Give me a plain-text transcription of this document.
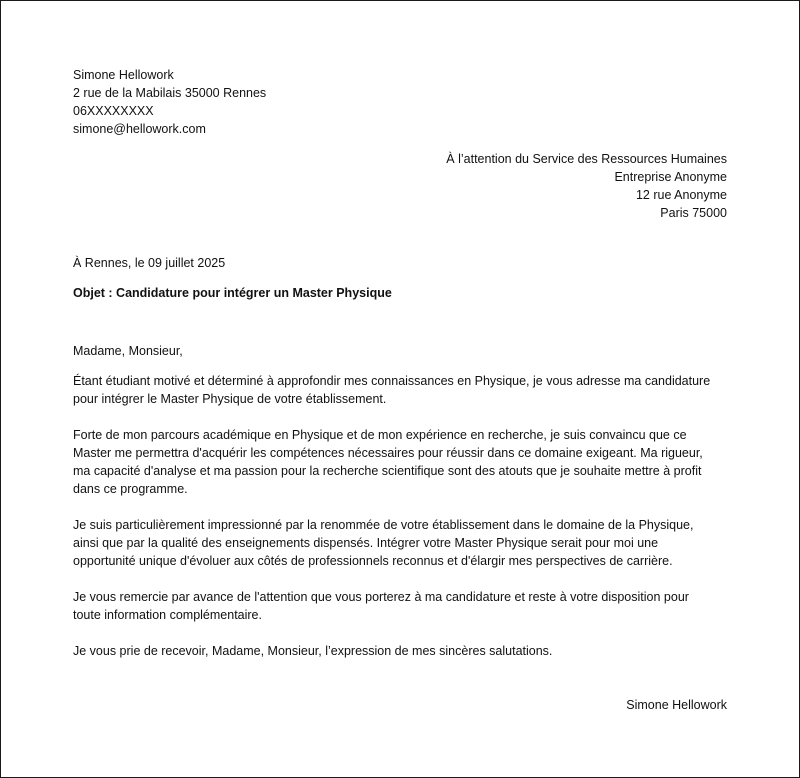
Simone Hellowork
2 rue de la Mabilais 35000 Rennes
06XXXXXXXX
simone@hellowork.com
À l’attention du Service des Ressources Humaines
Entreprise Anonyme
12 rue Anonyme
Paris 75000
À Rennes, le 09 juillet 2025
Objet : Candidature pour intégrer un Master Physique
Madame, Monsieur,

Étant étudiant motivé et déterminé à approfondir mes connaissances en Physique, je vous adresse ma candidature
pour intégrer le Master Physique de votre établissement.

Forte de mon parcours académique en Physique et de mon expérience en recherche, je suis convaincu que ce
Master me permettra d'acquérir les compétences nécessaires pour réussir dans ce domaine exigeant. Ma rigueur,
ma capacité d'analyse et ma passion pour la recherche scientifique sont des atouts que je souhaite mettre à profit
dans ce programme.

Je suis particulièrement impressionné par la renommée de votre établissement dans le domaine de la Physique,
ainsi que par la qualité des enseignements dispensés. Intégrer votre Master Physique serait pour moi une
opportunité unique d'évoluer aux côtés de professionnels reconnus et d'élargir mes perspectives de carrière.

Je vous remercie par avance de l'attention que vous porterez à ma candidature et reste à votre disposition pour
toute information complémentaire.

Je vous prie de recevoir, Madame, Monsieur, l’expression de mes sincères salutations.

Simone Hellowork
